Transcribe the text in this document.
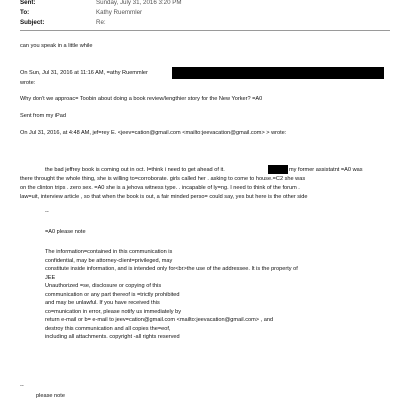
Sent:	Sunday, July 31, 2016 3:20 PM
To:	Kathy Ruemmler
Subject:	Re:
can you speak in a little while
On Sun, Jul 31, 2016 at 11:16 AM, =athy Ruemmler
wrote:
Why don't we approac= Toobin about doing a book review/lengthier story for the New Yorker? =A0
Sent from my iPad
On Jul 31, 2016, at 4:48 AM, jef=rey E. <jeev=cation@gmail.com <mailto:jeevacation@gmail.com> > wrote:
the bad jeffrey book is coming out in oct. I=think i need to get ahead of it.	my former assistatnt =A0 was
there throught the whole thing, she is willing to=corroborate. girls called her . asking to come to house.=C2 she was
on the clinton trips . zero sex. =A0 she is a jehova witness type. . incapable of ly=ng. I need to think of the forum .
law=uit, interview article , so that when the book is out, a fair minded perso= could say, yes but here is the other side
--
=A0 please note
The information=contained in this communication is
confidential, may be attorney-client=privileged, may
constitute inside information, and is intended only for<br>the use of the addressee. It is the property of
JEE
Unauthorized =se, disclosure or copying of this
communication or any part thereof is =trictly prohibited
and may be unlawful. If you have received this
co=munication in error, please notify us immediately by
return e-mail or b= e-mail to jeev=cation@gmail.com <mailto:jeevacation@gmail.com> , and
destroy this communication and all copies the=eof,
including all attachments. copyright -all rights reserved
--
please note
